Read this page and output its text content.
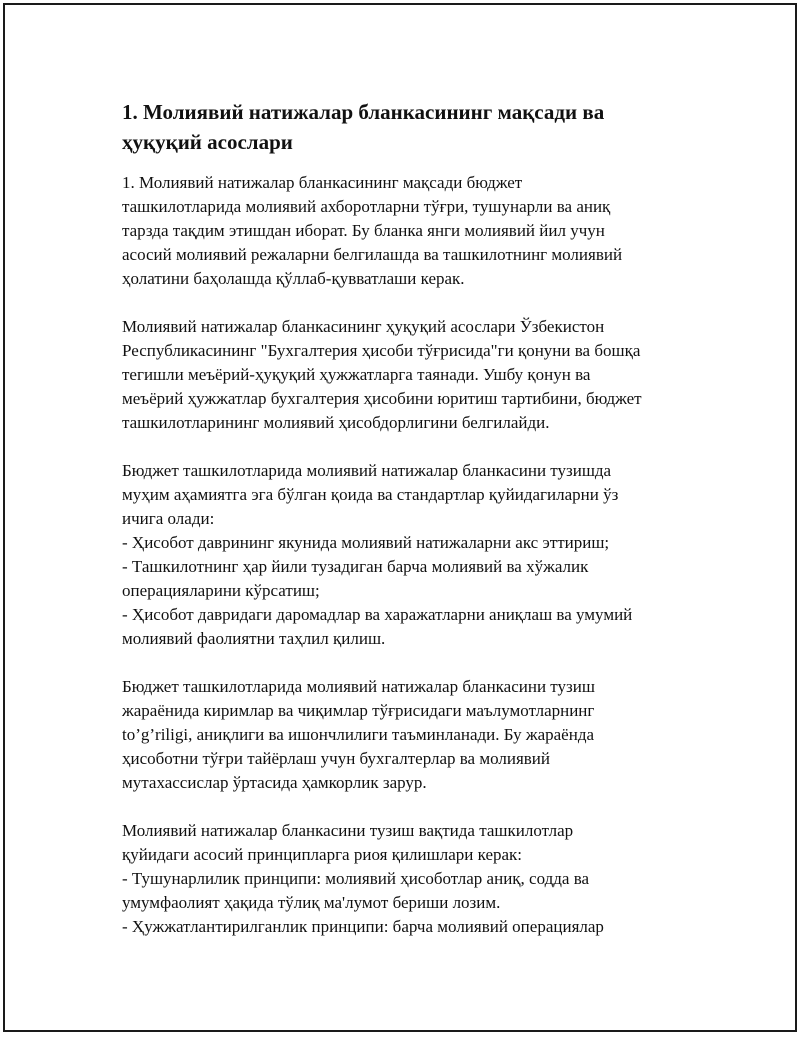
1. Молиявий натижалар бланкасининг мақсади ва
ҳуқуқий асослари

1. Молиявий натижалар бланкасининг мақсади бюджет
ташкилотларида молиявий ахборотларни тўғри, тушунарли ва аниқ
тарзда тақдим этишдан иборат. Бу бланка янги молиявий йил учун
асосий молиявий режаларни белгилашда ва ташкилотнинг молиявий
ҳолатини баҳолашда қўллаб-қувватлаши керак.

Молиявий натижалар бланкасининг ҳуқуқий асослари Ўзбекистон
Республикасининг "Бухгалтерия ҳисоби тўғрисида"ги қонуни ва бошқа
тегишли меъёрий-ҳуқуқий ҳужжатларга таянади. Ушбу қонун ва
меъёрий ҳужжатлар бухгалтерия ҳисобини юритиш тартибини, бюджет
ташкилотларининг молиявий ҳисобдорлигини белгилайди.

Бюджет ташкилотларида молиявий натижалар бланкасини тузишда
муҳим аҳамиятга эга бўлган қоида ва стандартлар қуйидагиларни ўз
ичига олади:
- Ҳисобот даврининг якунида молиявий натижаларни акс эттириш;
- Ташкилотнинг ҳар йили тузадиган барча молиявий ва хўжалик
операцияларини кўрсатиш;
- Ҳисобот давридаги даромадлар ва харажатларни аниқлаш ва умумий
молиявий фаолиятни таҳлил қилиш.

Бюджет ташкилотларида молиявий натижалар бланкасини тузиш
жараёнида киримлар ва чиқимлар тўғрисидаги маълумотларнинг
to’g’riligi, аниқлиги ва ишончлилиги таъминланади. Бу жараёнда
ҳисоботни тўғри тайёрлаш учун бухгалтерлар ва молиявий
мутахассислар ўртасида ҳамкорлик зарур.

Молиявий натижалар бланкасини тузиш вақтида ташкилотлар
қуйидаги асосий принципларга риоя қилишлари керак:
- Тушунарлилик принципи: молиявий ҳисоботлар аниқ, содда ва
умумфаолият ҳақида тўлиқ ма'лумот бериши лозим.
- Ҳужжатлантирилганлик принципи: барча молиявий операциялар
